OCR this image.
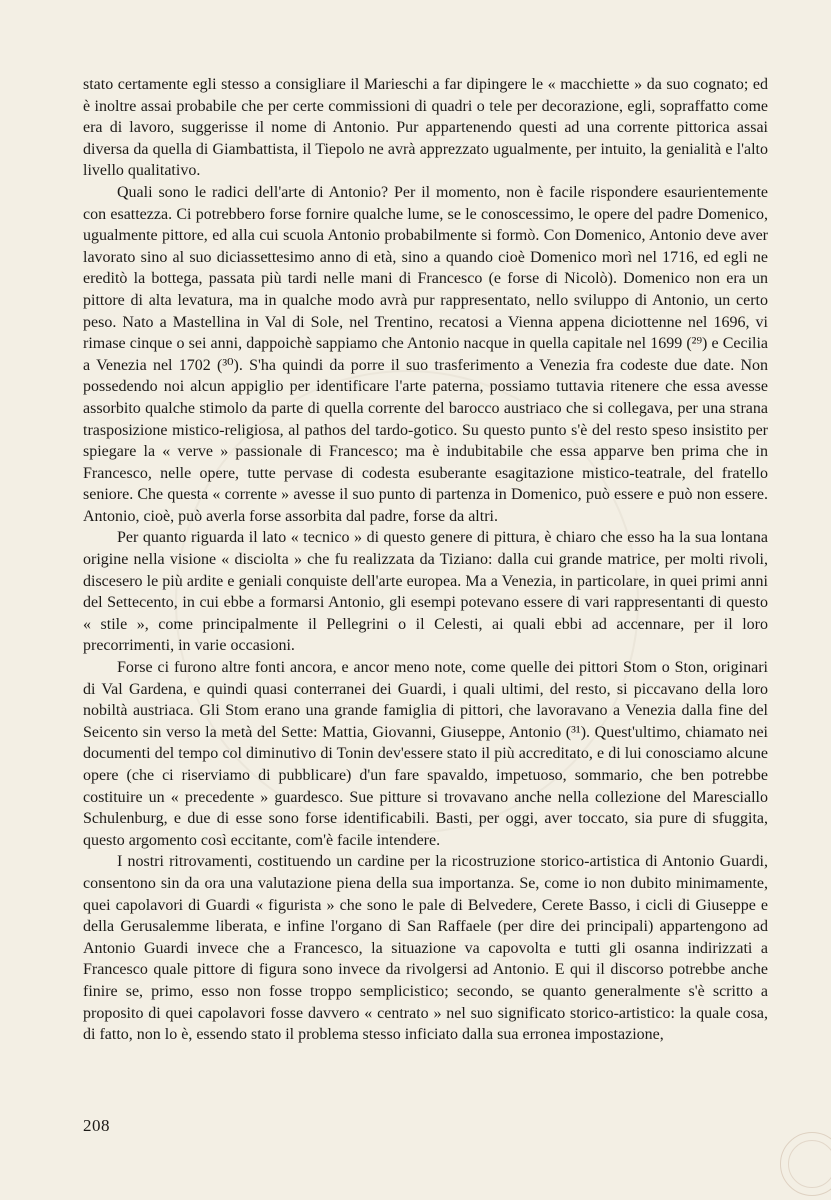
stato certamente egli stesso a consigliare il Marieschi a far dipingere le « macchiette » da suo cognato; ed è inoltre assai probabile che per certe commissioni di quadri o tele per decorazione, egli, sopraffatto come era di lavoro, suggerisse il nome di Antonio. Pur appartenendo questi ad una corrente pittorica assai diversa da quella di Giambattista, il Tiepolo ne avrà apprezzato ugualmente, per intuito, la genialità e l'alto livello qualitativo.

Quali sono le radici dell'arte di Antonio? Per il momento, non è facile rispondere esaurientemente con esattezza. Ci potrebbero forse fornire qualche lume, se le conoscessimo, le opere del padre Domenico, ugualmente pittore, ed alla cui scuola Antonio probabilmente si formò. Con Domenico, Antonio deve aver lavorato sino al suo diciassettesimo anno di età, sino a quando cioè Domenico morì nel 1716, ed egli ne ereditò la bottega, passata più tardi nelle mani di Francesco (e forse di Nicolò). Domenico non era un pittore di alta levatura, ma in qualche modo avrà pur rappresentato, nello sviluppo di Antonio, un certo peso. Nato a Mastellina in Val di Sole, nel Trentino, recatosi a Vienna appena diciottenne nel 1696, vi rimase cinque o sei anni, dappoichè sappiamo che Antonio nacque in quella capitale nel 1699 (²⁹) e Cecilia a Venezia nel 1702 (³⁰). S'ha quindi da porre il suo trasferimento a Venezia fra codeste due date. Non possedendo noi alcun appiglio per identificare l'arte paterna, possiamo tuttavia ritenere che essa avesse assorbito qualche stimolo da parte di quella corrente del barocco austriaco che si collegava, per una strana trasposizione mistico-religiosa, al pathos del tardo-gotico. Su questo punto s'è del resto speso insistito per spiegare la « verve » passionale di Francesco; ma è indubitabile che essa apparve ben prima che in Francesco, nelle opere, tutte pervase di codesta esuberante esagitazione mistico-teatrale, del fratello seniore. Che questa « corrente » avesse il suo punto di partenza in Domenico, può essere e può non essere. Antonio, cioè, può averla forse assorbita dal padre, forse da altri.

Per quanto riguarda il lato « tecnico » di questo genere di pittura, è chiaro che esso ha la sua lontana origine nella visione « disciolta » che fu realizzata da Tiziano: dalla cui grande matrice, per molti rivoli, discesero le più ardite e geniali conquiste dell'arte europea. Ma a Venezia, in particolare, in quei primi anni del Settecento, in cui ebbe a formarsi Antonio, gli esempi potevano essere di vari rappresentanti di questo « stile », come principalmente il Pellegrini o il Celesti, ai quali ebbi ad accennare, per il loro precorrimenti, in varie occasioni.

Forse ci furono altre fonti ancora, e ancor meno note, come quelle dei pittori Stom o Ston, originari di Val Gardena, e quindi quasi conterranei dei Guardi, i quali ultimi, del resto, si piccavano della loro nobiltà austriaca. Gli Stom erano una grande famiglia di pittori, che lavoravano a Venezia dalla fine del Seicento sin verso la metà del Sette: Mattia, Giovanni, Giuseppe, Antonio (³¹). Quest'ultimo, chiamato nei documenti del tempo col diminutivo di Tonin dev'essere stato il più accreditato, e di lui conosciamo alcune opere (che ci riserviamo di pubblicare) d'un fare spavaldo, impetuoso, sommario, che ben potrebbe costituire un « precedente » guardesco. Sue pitture si trovavano anche nella collezione del Maresciallo Schulenburg, e due di esse sono forse identificabili. Basti, per oggi, aver toccato, sia pure di sfuggita, questo argomento così eccitante, com'è facile intendere.

I nostri ritrovamenti, costituendo un cardine per la ricostruzione storico-artistica di Antonio Guardi, consentono sin da ora una valutazione piena della sua importanza. Se, come io non dubito minimamente, quei capolavori di Guardi « figurista » che sono le pale di Belvedere, Cerete Basso, i cicli di Giuseppe e della Gerusalemme liberata, e infine l'organo di San Raffaele (per dire dei principali) appartengono ad Antonio Guardi invece che a Francesco, la situazione va capovolta e tutti gli osanna indirizzati a Francesco quale pittore di figura sono invece da rivolgersi ad Antonio. E qui il discorso potrebbe anche finire se, primo, esso non fosse troppo semplicistico; secondo, se quanto generalmente s'è scritto a proposito di quei capolavori fosse davvero « centrato » nel suo significato storico-artistico: la quale cosa, di fatto, non lo è, essendo stato il problema stesso inficiato dalla sua erronea impostazione,

208
